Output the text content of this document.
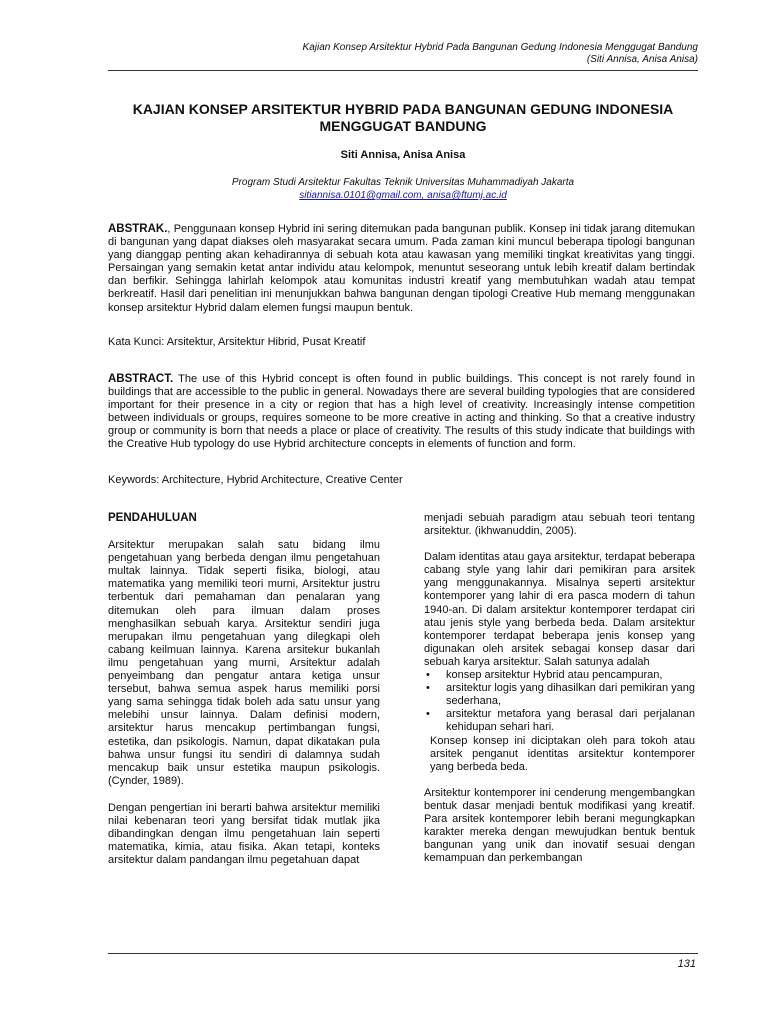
Kajian Konsep Arsitektur Hybrid Pada Bangunan Gedung Indonesia Menggugat Bandung
(Siti Annisa, Anisa Anisa)
KAJIAN KONSEP ARSITEKTUR HYBRID PADA BANGUNAN GEDUNG INDONESIA
MENGGUGAT BANDUNG
Siti Annisa, Anisa Anisa
Program Studi Arsitektur Fakultas Teknik Universitas Muhammadiyah Jakarta
sitiannisa.0101@gmail.com, anisa@ftumj.ac.id
ABSTRAK., Penggunaan konsep Hybrid ini sering ditemukan pada bangunan publik. Konsep ini tidak jarang ditemukan di bangunan yang dapat diakses oleh masyarakat secara umum. Pada zaman kini muncul beberapa tipologi bangunan yang dianggap penting akan kehadirannya di sebuah kota atau kawasan yang memiliki tingkat kreativitas yang tinggi. Persaingan yang semakin ketat antar individu atau kelompok, menuntut seseorang untuk lebih kreatif dalam bertindak dan berfikir. Sehingga lahirlah kelompok atau komunitas industri kreatif yang membutuhkan wadah atau tempat berkreatif. Hasil dari penelitian ini menunjukkan bahwa bangunan dengan tipologi Creative Hub memang menggunakan konsep arsitektur Hybrid dalam elemen fungsi maupun bentuk.
Kata Kunci: Arsitektur, Arsitektur Hibrid, Pusat Kreatif
ABSTRACT. The use of this Hybrid concept is often found in public buildings. This concept is not rarely found in buildings that are accessible to the public in general. Nowadays there are several building typologies that are considered important for their presence in a city or region that has a high level of creativity. Increasingly intense competition between individuals or groups, requires someone to be more creative in acting and thinking. So that a creative industry group or community is born that needs a place or place of creativity. The results of this study indicate that buildings with the Creative Hub typology do use Hybrid architecture concepts in elements of function and form.
Keywords: Architecture, Hybrid Architecture, Creative Center
PENDAHULUAN

Arsitektur merupakan salah satu bidang ilmu pengetahuan yang berbeda dengan ilmu pengetahuan multak lainnya. Tidak seperti fisika, biologi, atau matematika yang memiliki teori murni, Arsitektur justru terbentuk dari pemahaman dan penalaran yang ditemukan oleh para ilmuan dalam proses menghasilkan sebuah karya. Arsitektur sendiri juga merupakan ilmu pengetahuan yang dilegkapi oleh cabang keilmuan lainnya. Karena arsitekur bukanlah ilmu pengetahuan yang murni, Arsitektur adalah penyeimbang dan pengatur antara ketiga unsur tersebut, bahwa semua aspek harus memiliki porsi yang sama sehingga tidak boleh ada satu unsur yang melebihi unsur lainnya. Dalam definisi modern, arsitektur harus mencakup pertimbangan fungsi, estetika, dan psikologis. Namun, dapat dikatakan pula bahwa unsur fungsi itu sendiri di dalamnya sudah mencakup baik unsur estetika maupun psikologis. (Cynder, 1989).

Dengan pengertian ini berarti bahwa arsitektur memiliki nilai kebenaran teori yang bersifat tidak mutlak jika dibandingkan dengan ilmu pengetahuan lain seperti matematika, kimia, atau fisika. Akan tetapi, konteks arsitektur dalam pandangan ilmu pegetahuan dapat

menjadi sebuah paradigm atau sebuah teori tentang arsitektur. (ikhwanuddin, 2005).

Dalam identitas atau gaya arsitektur, terdapat beberapa cabang style yang lahir dari pemikiran para arsitek yang menggunakannya. Misalnya seperti arsitektur kontemporer yang lahir di era pasca modern di tahun 1940-an. Di dalam arsitektur kontemporer terdapat ciri atau jenis style yang berbeda beda. Dalam arsitektur kontemporer terdapat beberapa jenis konsep yang digunakan oleh arsitek sebagai konsep dasar dari sebuah karya arsitektur. Salah satunya adalah

• konsep arsitektur Hybrid atau pencampuran,
• arsitektur logis yang dihasilkan dari pemikiran yang sederhana,
• arsitektur metafora yang berasal dari perjalanan kehidupan sehari hari.

Konsep konsep ini diciptakan oleh para tokoh atau arsitek penganut identitas arsitektur kontemporer yang berbeda beda.

Arsitektur kontemporer ini cenderung mengembangkan bentuk dasar menjadi bentuk modifikasi yang kreatif. Para arsitek kontemporer lebih berani megungkapkan karakter mereka dengan mewujudkan bentuk bentuk bangunan yang unik dan inovatif sesuai dengan kemampuan dan perkembangan

131
